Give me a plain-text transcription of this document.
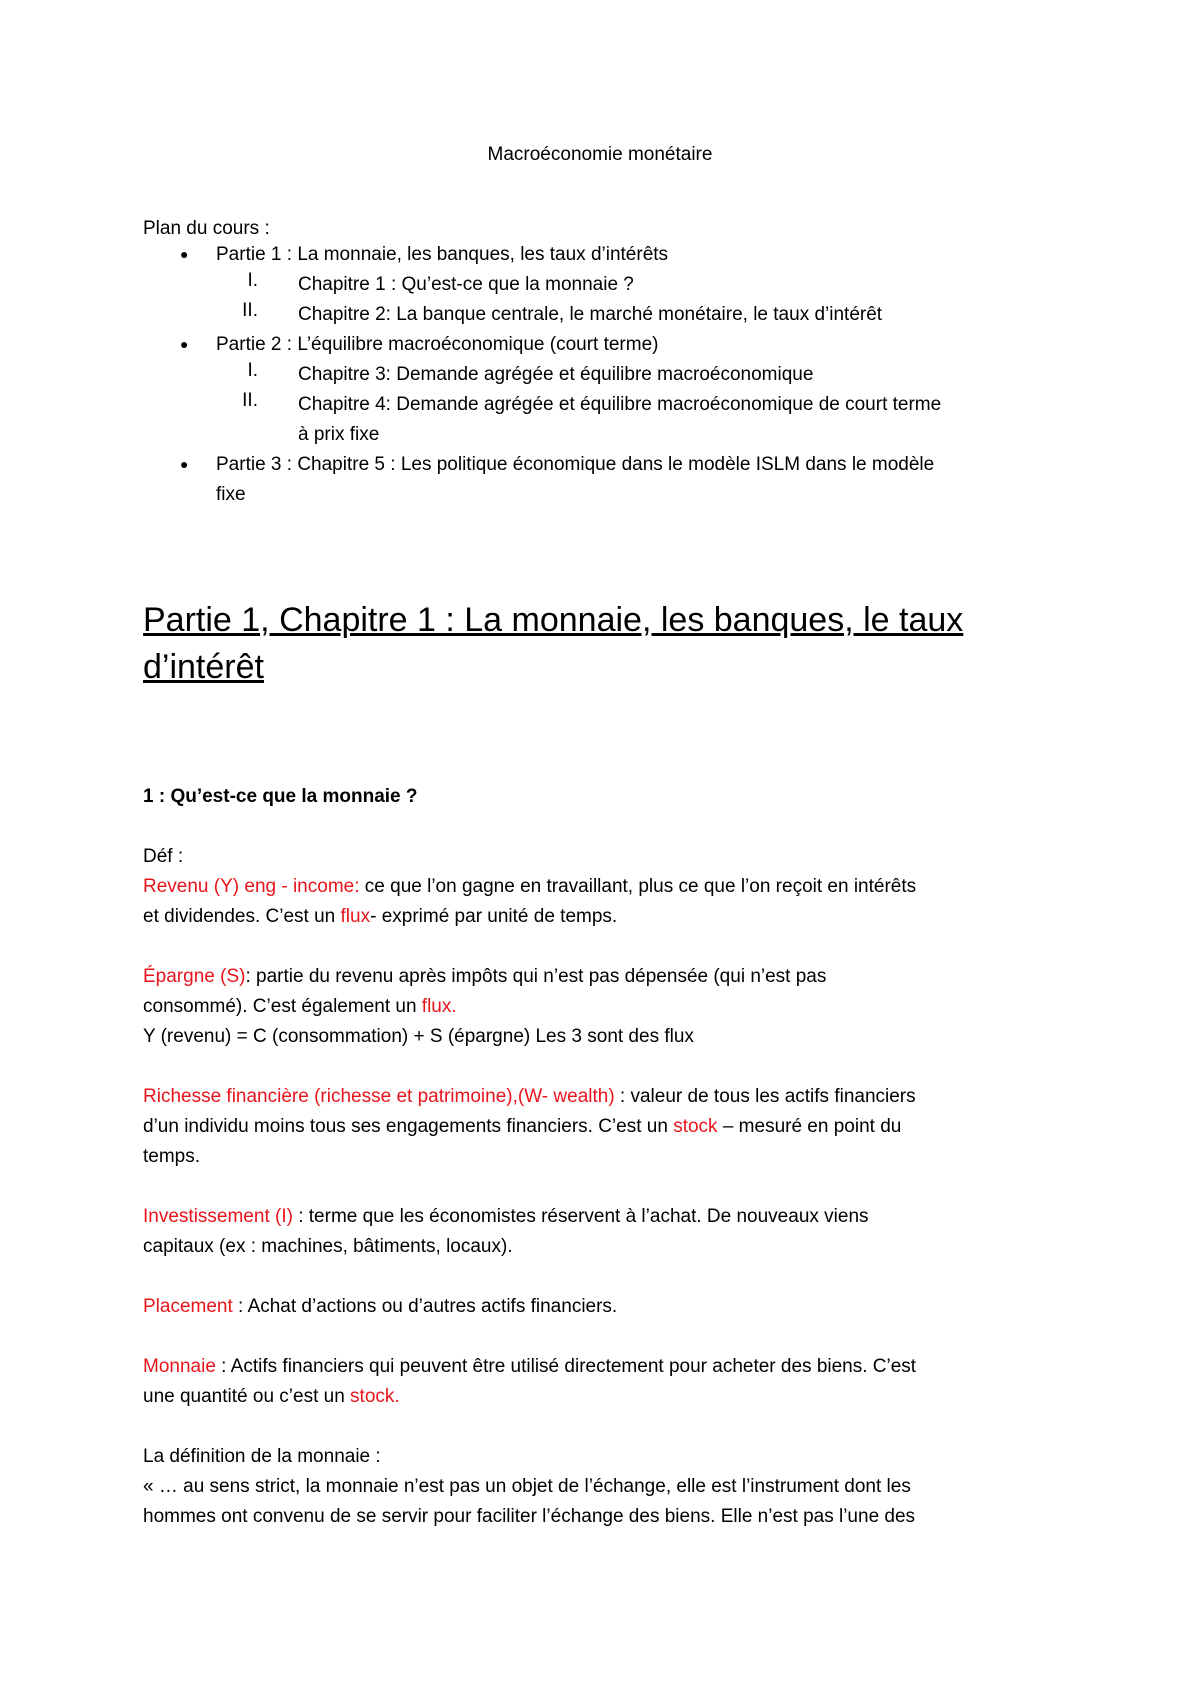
Macroéconomie monétaire
Plan du cours :
● Partie 1 : La monnaie, les banques, les taux d’intérêts
I. Chapitre 1 : Qu’est-ce que la monnaie ?
II. Chapitre 2: La banque centrale, le marché monétaire, le taux d’intérêt
● Partie 2 : L’équilibre macroéconomique (court terme)
I. Chapitre 3: Demande agrégée et équilibre macroéconomique
II. Chapitre 4: Demande agrégée et équilibre macroéconomique de court terme
à prix fixe
● Partie 3 : Chapitre 5 : Les politique économique dans le modèle ISLM dans le modèle
fixe
Partie 1, Chapitre 1 : La monnaie, les banques, le taux
d’intérêt
1 : Qu’est-ce que la monnaie ?
Déf :
Revenu (Y) eng - income: ce que l’on gagne en travaillant, plus ce que l’on reçoit en intérêts
et dividendes. C’est un flux- exprimé par unité de temps.
Épargne (S): partie du revenu après impôts qui n’est pas dépensée (qui n’est pas
consommé). C’est également un flux.
Y (revenu) = C (consommation) + S (épargne) Les 3 sont des flux
Richesse financière (richesse et patrimoine),(W- wealth) : valeur de tous les actifs financiers
d’un individu moins tous ses engagements financiers. C’est un stock – mesuré en point du
temps.
Investissement (I) : terme que les économistes réservent à l’achat. De nouveaux viens
capitaux (ex : machines, bâtiments, locaux).
Placement : Achat d’actions ou d’autres actifs financiers.
Monnaie : Actifs financiers qui peuvent être utilisé directement pour acheter des biens. C’est
une quantité ou c’est un stock.
La définition de la monnaie :
« … au sens strict, la monnaie n’est pas un objet de l’échange, elle est l’instrument dont les
hommes ont convenu de se servir pour faciliter l’échange des biens. Elle n’est pas l’une des
